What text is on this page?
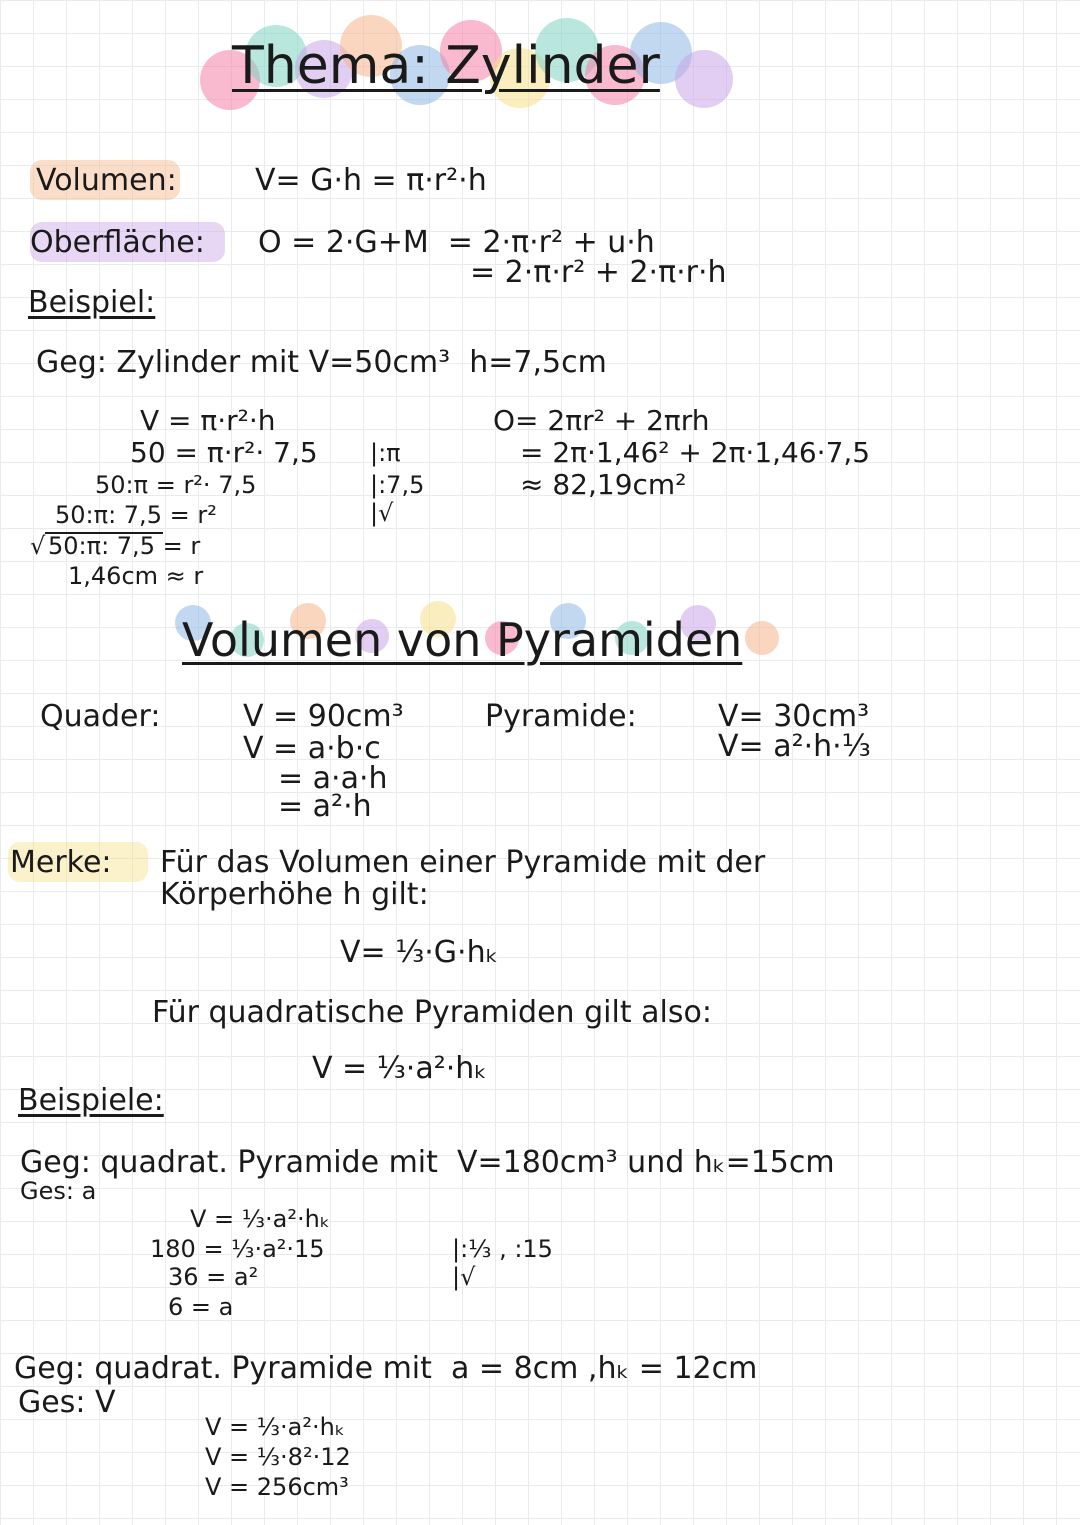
Thema: Zylinder
Volumen:	V= G·h = π·r²·h
Oberfläche: O = 2·G+M  = 2·π·r² + u·h
= 2·π·r² + 2·π·r·h
Beispiel:
Geg: Zylinder mit V=50cm³  h=7,5cm
V = π·r²·h
50 = π·r²· 7,5
50:π = r²· 7,5
50:π: 7,5 = r²
√ 50:π: 7,5 = r
1,46cm ≈ r
|:π
|:7,5
|√
O= 2πr² + 2πrh
= 2π·1,46² + 2π·1,46·7,5
≈ 82,19cm²
Volumen von Pyramiden
Quader:	V = 90cm³
V = a·b·c
= a·a·h
= a²·h
Pyramide:	V= 30cm³
V= a²·h·⅓
Merke: Für das Volumen einer Pyramide mit der
Körperhöhe h gilt:
V= ⅓·G·hₖ
Für quadratische Pyramiden gilt also:
V = ⅓·a²·hₖ
Beispiele:
Geg: quadrat. Pyramide mit  V=180cm³ und hₖ=15cm
Ges: a
V = ⅓·a²·hₖ
180 = ⅓·a²·15
36 = a²
6 = a
|:⅓ , :15
|√
Geg: quadrat. Pyramide mit  a = 8cm ,hₖ = 12cm
Ges: V
V = ⅓·a²·hₖ
V = ⅓·8²·12
V = 256cm³
